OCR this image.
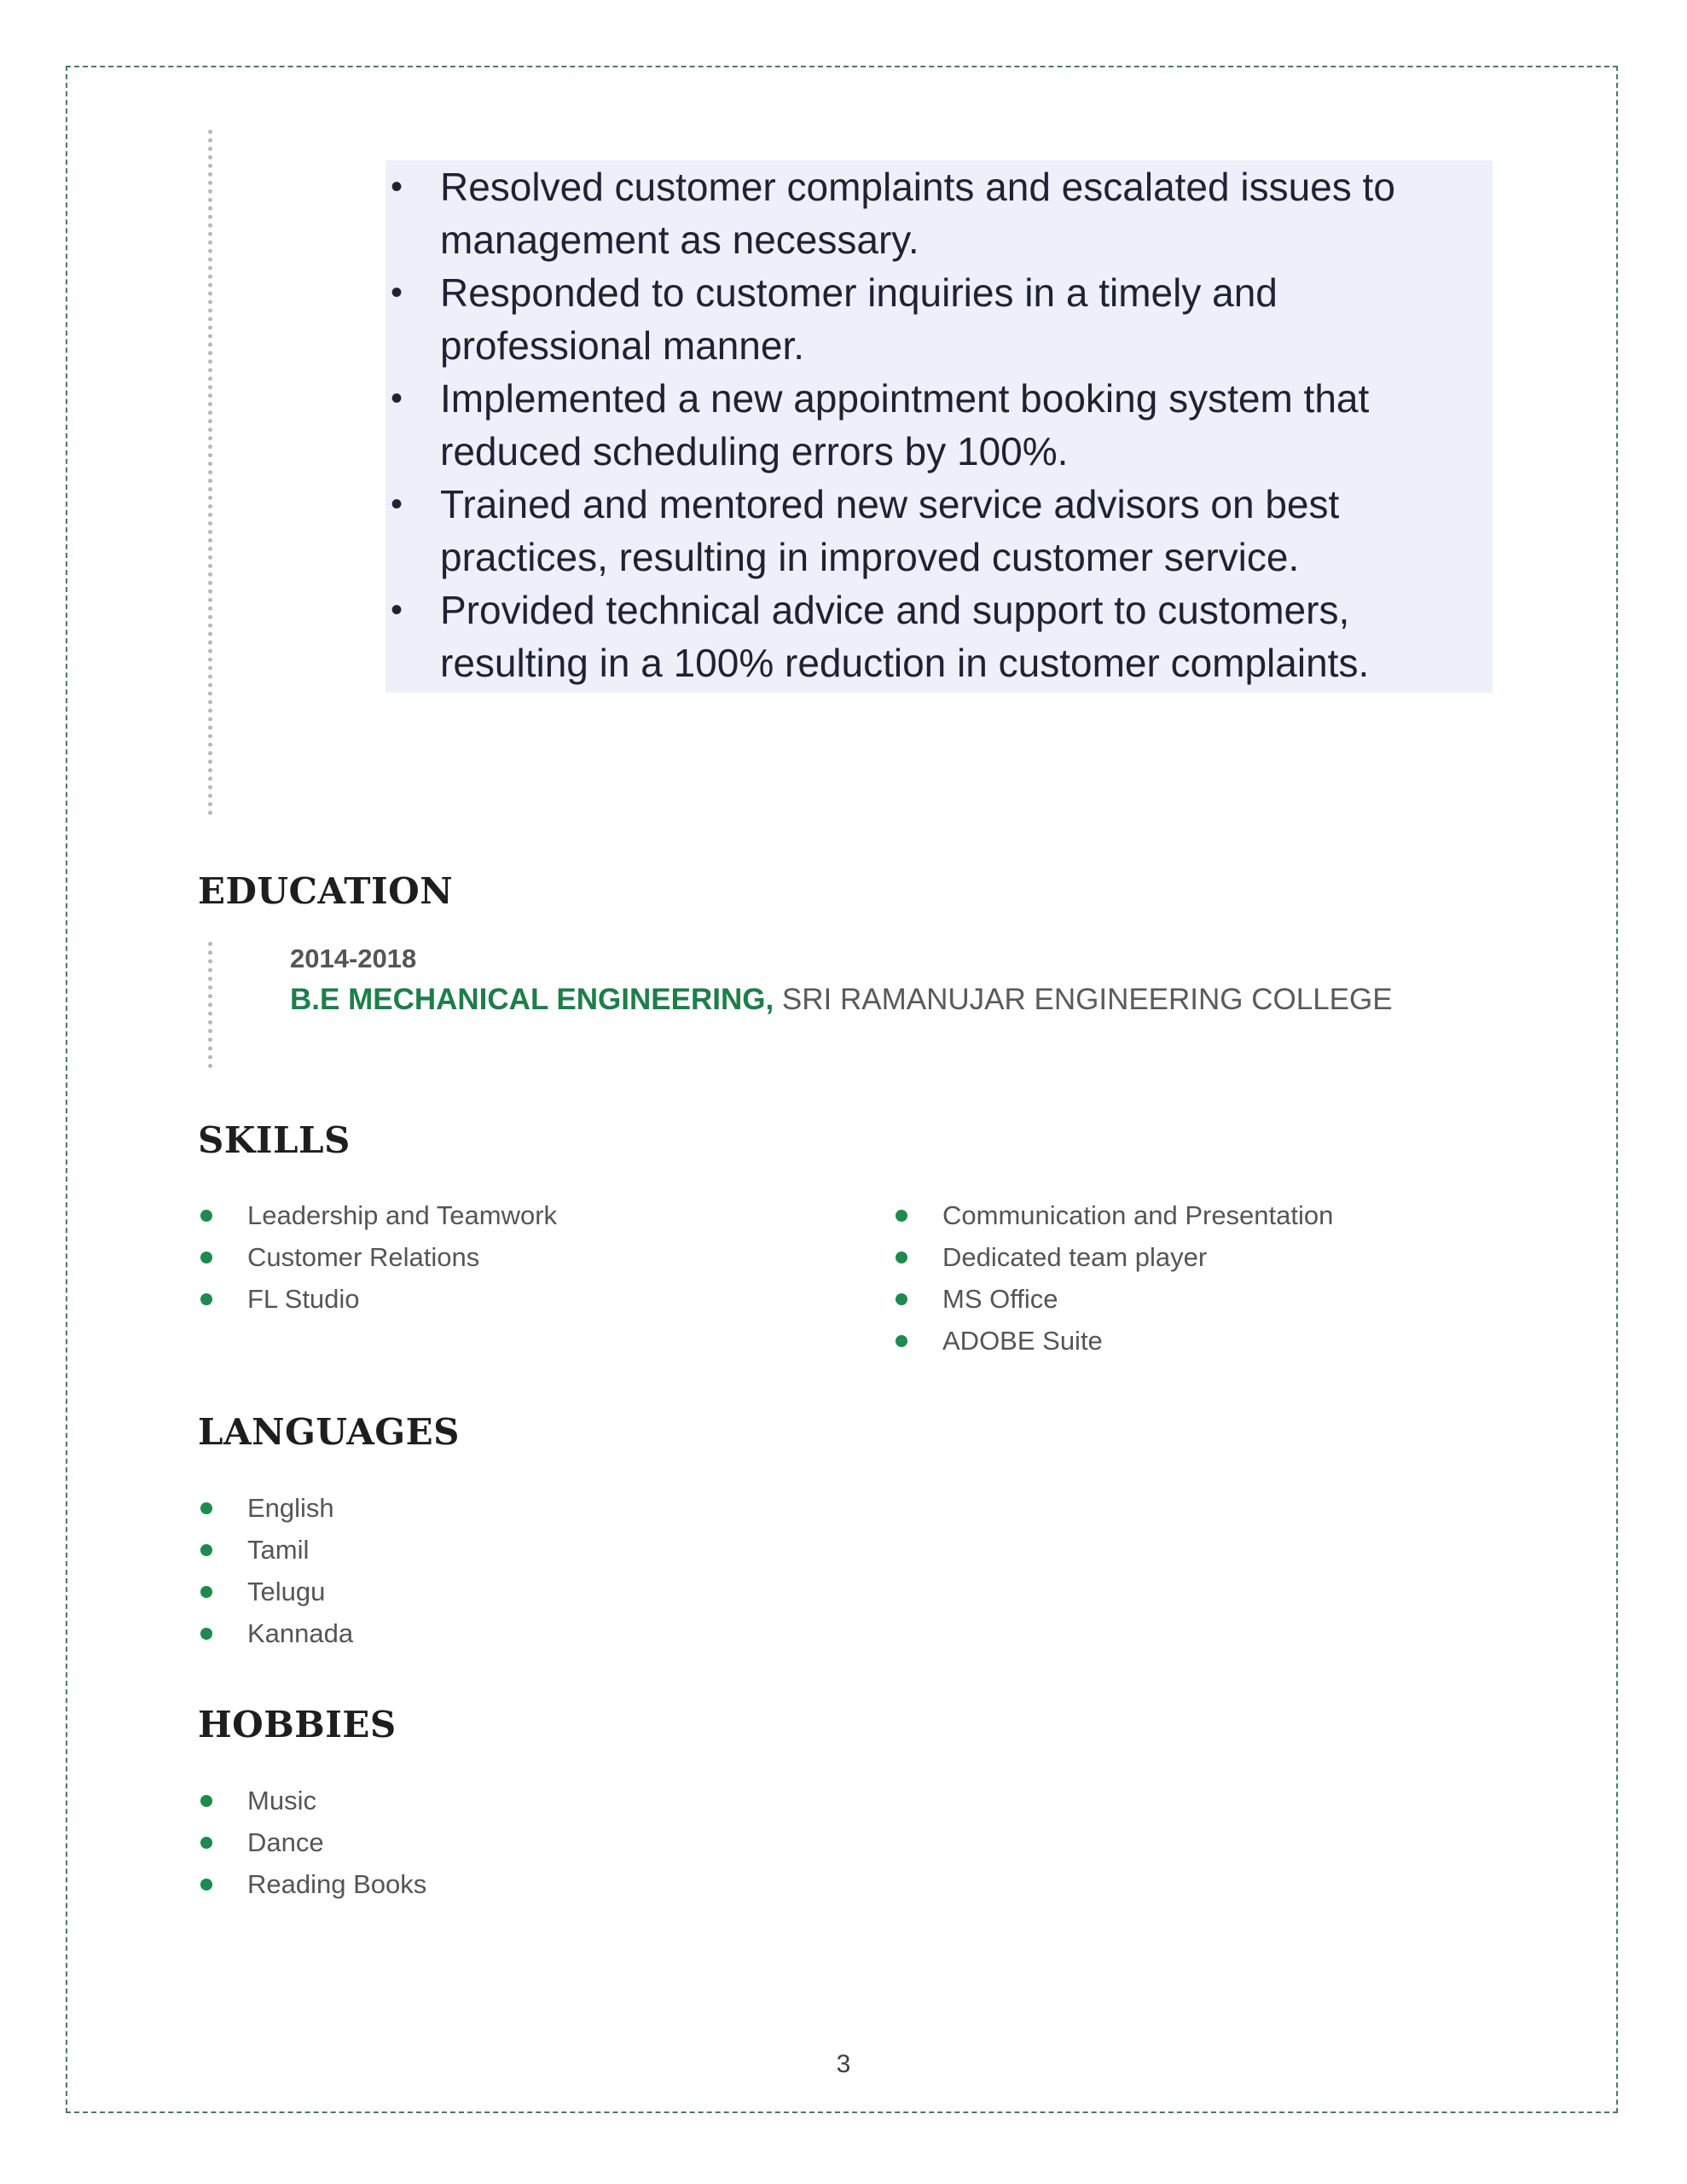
• Resolved customer complaints and escalated issues to management as necessary.
• Responded to customer inquiries in a timely and professional manner.
• Implemented a new appointment booking system that reduced scheduling errors by 100%.
• Trained and mentored new service advisors on best practices, resulting in improved customer service.
• Provided technical advice and support to customers, resulting in a 100% reduction in customer complaints.
EDUCATION
2014-2018
B.E MECHANICAL ENGINEERING, SRI RAMANUJAR ENGINEERING COLLEGE
SKILLS
Leadership and Teamwork
Customer Relations
FL Studio
Communication and Presentation
Dedicated team player
MS Office
ADOBE Suite
LANGUAGES
English
Tamil
Telugu
Kannada
HOBBIES
Music
Dance
Reading Books
3
